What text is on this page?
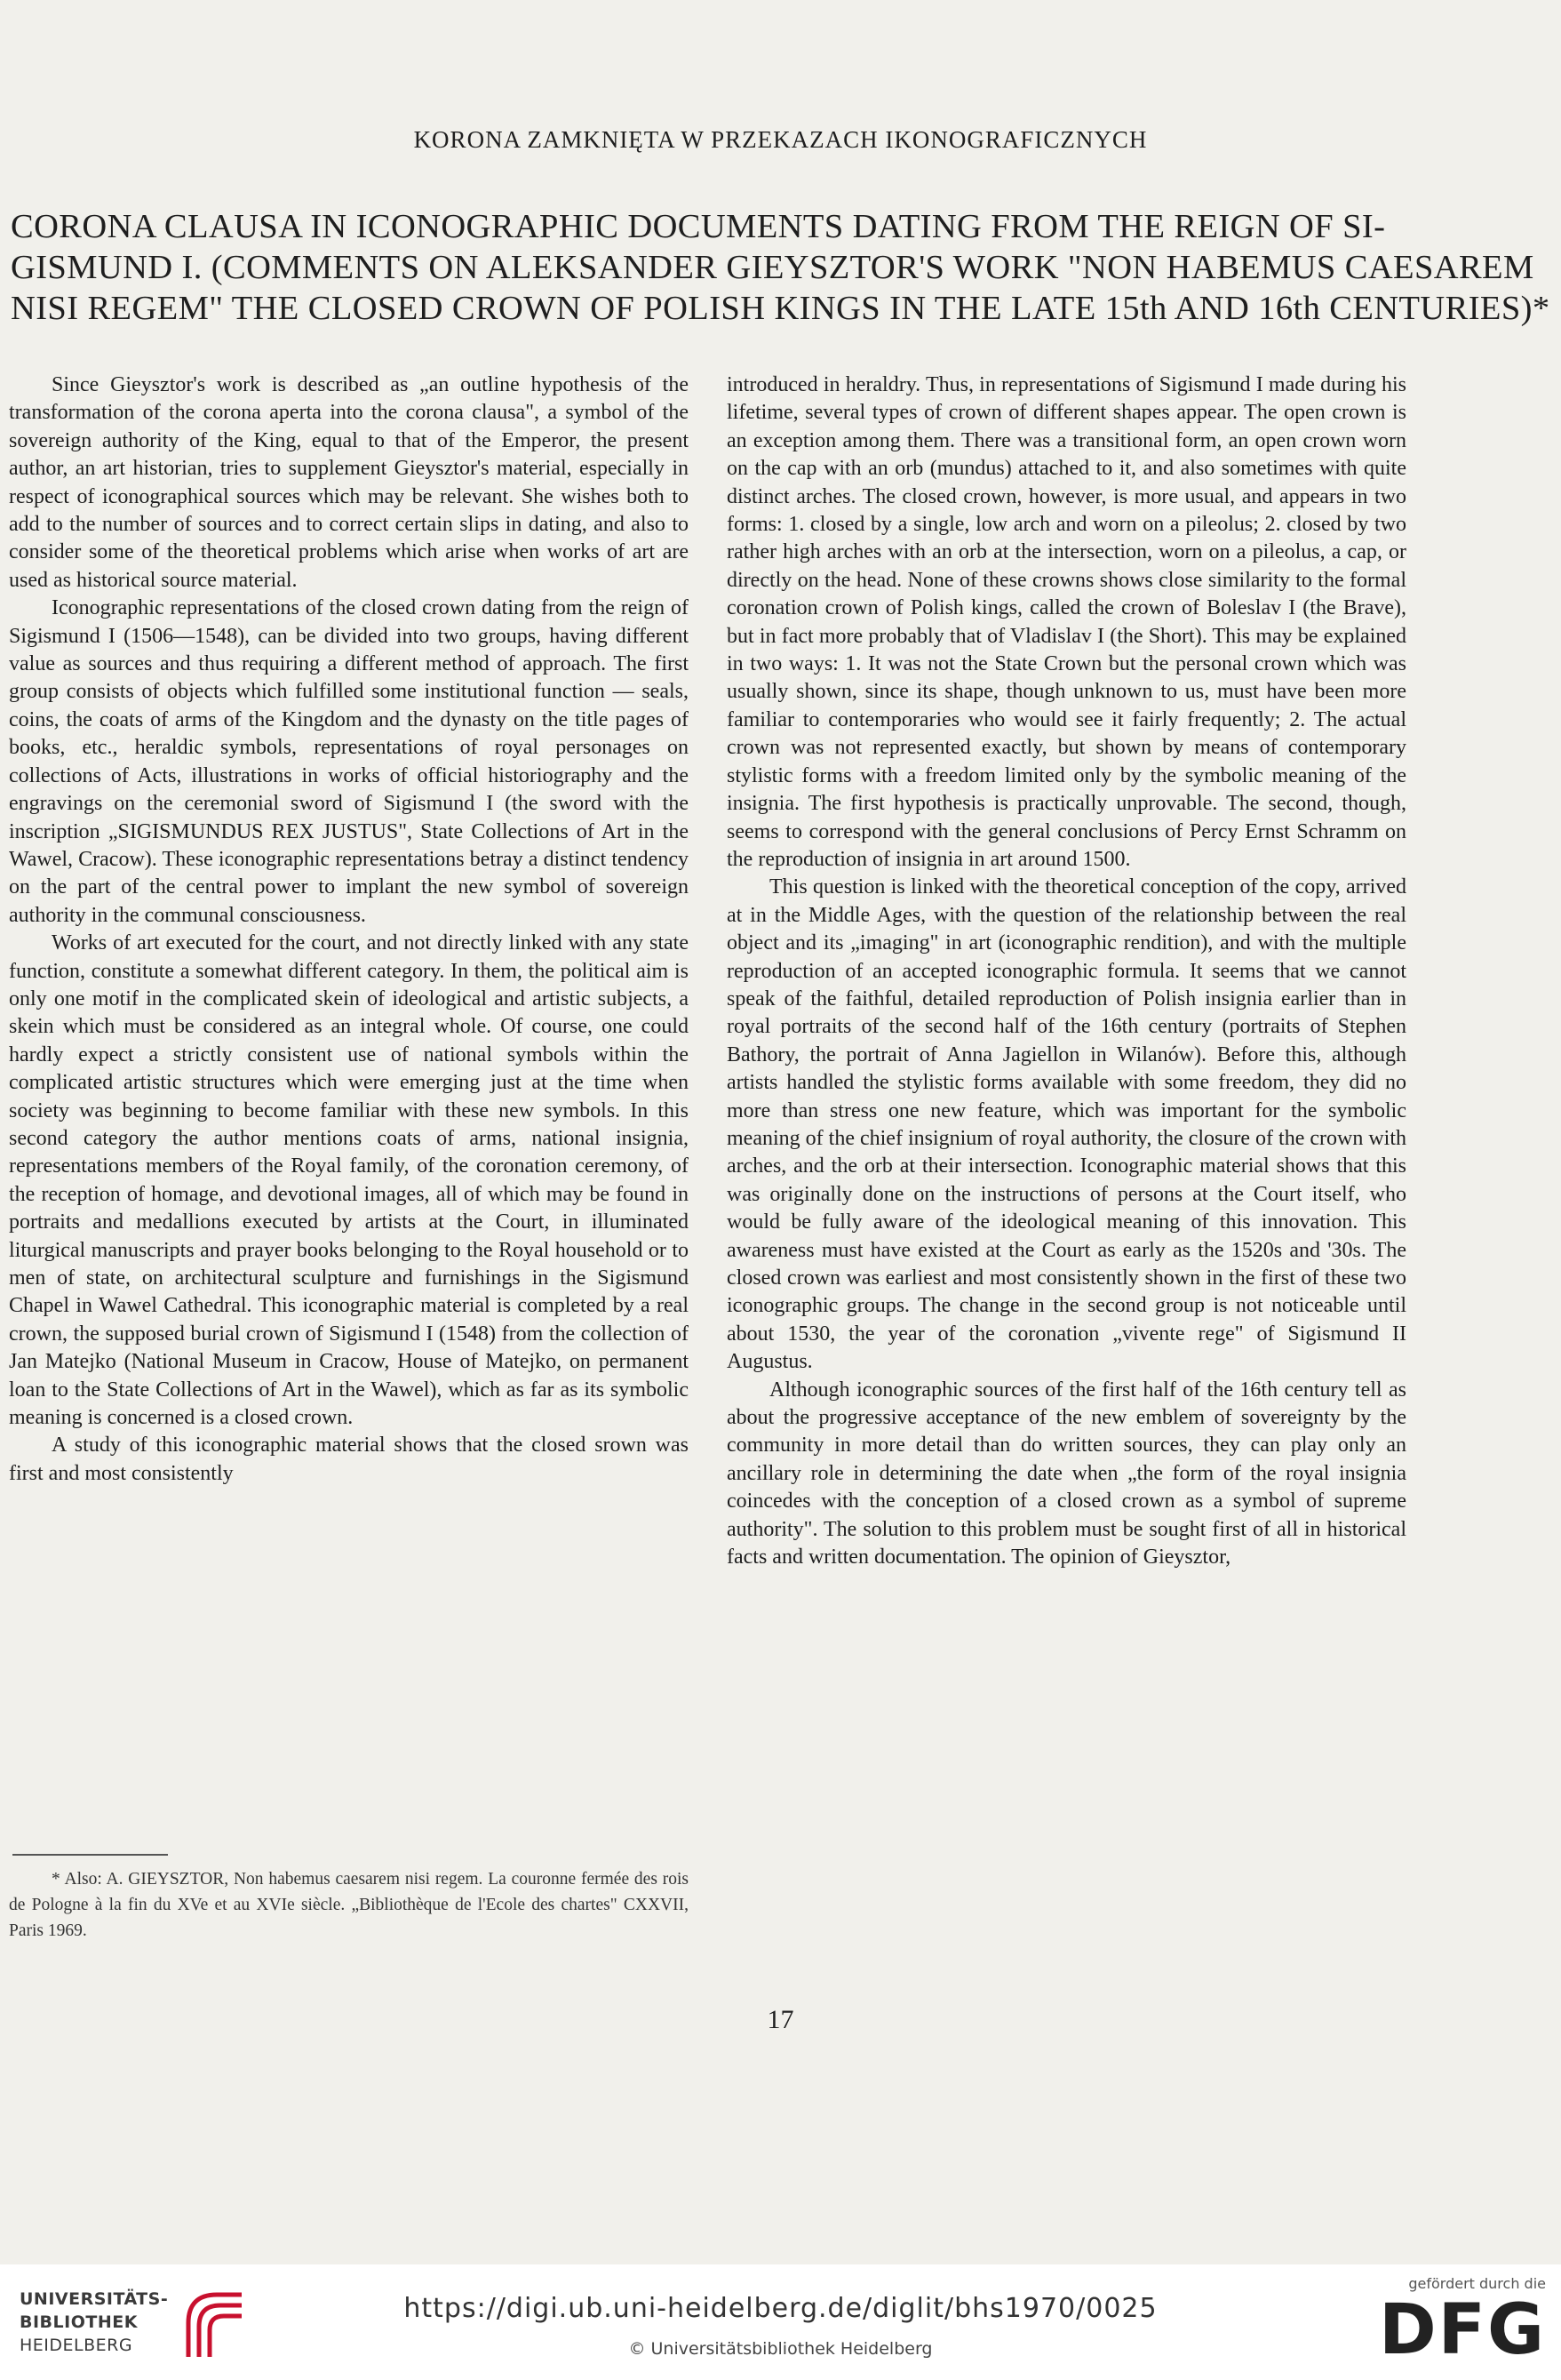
KORONA ZAMKNIĘTA W PRZEKAZACH IKONOGRAFICZNYCH
CORONA CLAUSA IN ICONOGRAPHIC DOCUMENTS DATING FROM THE REIGN OF SI-
GISMUND I. (COMMENTS ON ALEKSANDER GIEYSZTOR'S WORK "NON HABEMUS CAESAREM
NISI REGEM" THE CLOSED CROWN OF POLISH KINGS IN THE LATE 15th AND 16th CENTURIES)*

Since Gieysztor's work is described as „an outline hypothesis of the transformation of the corona aperta into the corona clausa", a symbol of the sovereign authority of the King, equal to that of the Emperor, the present author, an art historian, tries to supplement Gieysztor's material, especially in respect of iconographical sources which may be relevant. She wishes both to add to the number of sources and to correct certain slips in dating, and also to consider some of the theoretical problems which arise when works of art are used as historical source material.

Iconographic representations of the closed crown dating from the reign of Sigismund I (1506—1548), can be divided into two groups, having different value as sources and thus requiring a different method of approach. The first group consists of objects which fulfilled some institutional function — seals, coins, the coats of arms of the Kingdom and the dynasty on the title pages of books, etc., heraldic symbols, representations of royal personages on collections of Acts, illustrations in works of official historiography and the engravings on the ceremonial sword of Sigismund I (the sword with the inscription „SIGISMUNDUS REX JUSTUS", State Collections of Art in the Wawel, Cracow). These iconographic representations betray a distinct tendency on the part of the central power to implant the new symbol of sovereign authority in the communal consciousness.

Works of art executed for the court, and not directly linked with any state function, constitute a somewhat different category. In them, the political aim is only one motif in the complicated skein of ideological and artistic subjects, a skein which must be considered as an integral whole. Of course, one could hardly expect a strictly consistent use of national symbols within the complicated artistic structures which were emerging just at the time when society was beginning to become familiar with these new symbols. In this second category the author mentions coats of arms, national insignia, representations members of the Royal family, of the coronation ceremony, of the reception of homage, and devotional images, all of which may be found in portraits and medallions executed by artists at the Court, in illuminated liturgical manuscripts and prayer books belonging to the Royal household or to men of state, on architectural sculpture and furnishings in the Sigismund Chapel in Wawel Cathedral. This iconographic material is completed by a real crown, the supposed burial crown of Sigismund I (1548) from the collection of Jan Matejko (National Museum in Cracow, House of Matejko, on permanent loan to the State Collections of Art in the Wawel), which as far as its symbolic meaning is concerned is a closed crown.

A study of this iconographic material shows that the closed srown was first and most consistently

* Also: A. GIEYSZTOR, Non habemus caesarem nisi regem. La couronne fermée des rois de Pologne à la fin du XVe et au XVIe siècle. „Bibliothèque de l'Ecole des chartes" CXXVII, Paris 1969.

introduced in heraldry. Thus, in representations of Sigismund I made during his lifetime, several types of crown of different shapes appear. The open crown is an exception among them. There was a transitional form, an open crown worn on the cap with an orb (mundus) attached to it, and also sometimes with quite distinct arches. The closed crown, however, is more usual, and appears in two forms: 1. closed by a single, low arch and worn on a pileolus; 2. closed by two rather high arches with an orb at the intersection, worn on a pileolus, a cap, or directly on the head. None of these crowns shows close similarity to the formal coronation crown of Polish kings, called the crown of Boleslav I (the Brave), but in fact more probably that of Vladislav I (the Short). This may be explained in two ways: 1. It was not the State Crown but the personal crown which was usually shown, since its shape, though unknown to us, must have been more familiar to contemporaries who would see it fairly frequently; 2. The actual crown was not represented exactly, but shown by means of contemporary stylistic forms with a freedom limited only by the symbolic meaning of the insignia. The first hypothesis is practically unprovable. The second, though, seems to correspond with the general conclusions of Percy Ernst Schramm on the reproduction of insignia in art around 1500.

This question is linked with the theoretical conception of the copy, arrived at in the Middle Ages, with the question of the relationship between the real object and its „imaging" in art (iconographic rendition), and with the multiple reproduction of an accepted iconographic formula. It seems that we cannot speak of the faithful, detailed reproduction of Polish insignia earlier than in royal portraits of the second half of the 16th century (portraits of Stephen Bathory, the portrait of Anna Jagiellon in Wilanów). Before this, although artists handled the stylistic forms available with some freedom, they did no more than stress one new feature, which was important for the symbolic meaning of the chief insignium of royal authority, the closure of the crown with arches, and the orb at their intersection. Iconographic material shows that this was originally done on the instructions of persons at the Court itself, who would be fully aware of the ideological meaning of this innovation. This awareness must have existed at the Court as early as the 1520s and '30s. The closed crown was earliest and most consistently shown in the first of these two iconographic groups. The change in the second group is not noticeable until about 1530, the year of the coronation „vivente rege" of Sigismund II Augustus.

Although iconographic sources of the first half of the 16th century tell as about the progressive acceptance of the new emblem of sovereignty by the community in more detail than do written sources, they can play only an ancillary role in determining the date when „the form of the royal insignia coincedes with the conception of a closed crown as a symbol of supreme authority". The solution to this problem must be sought first of all in historical facts and written documentation. The opinion of Gieysztor,

17
UNIVERSITÄTS-
BIBLIOTHEK
HEIDELBERG
https://digi.ub.uni-heidelberg.de/diglit/bhs1970/0025
© Universitätsbibliothek Heidelberg
gefördert durch die
DFG
